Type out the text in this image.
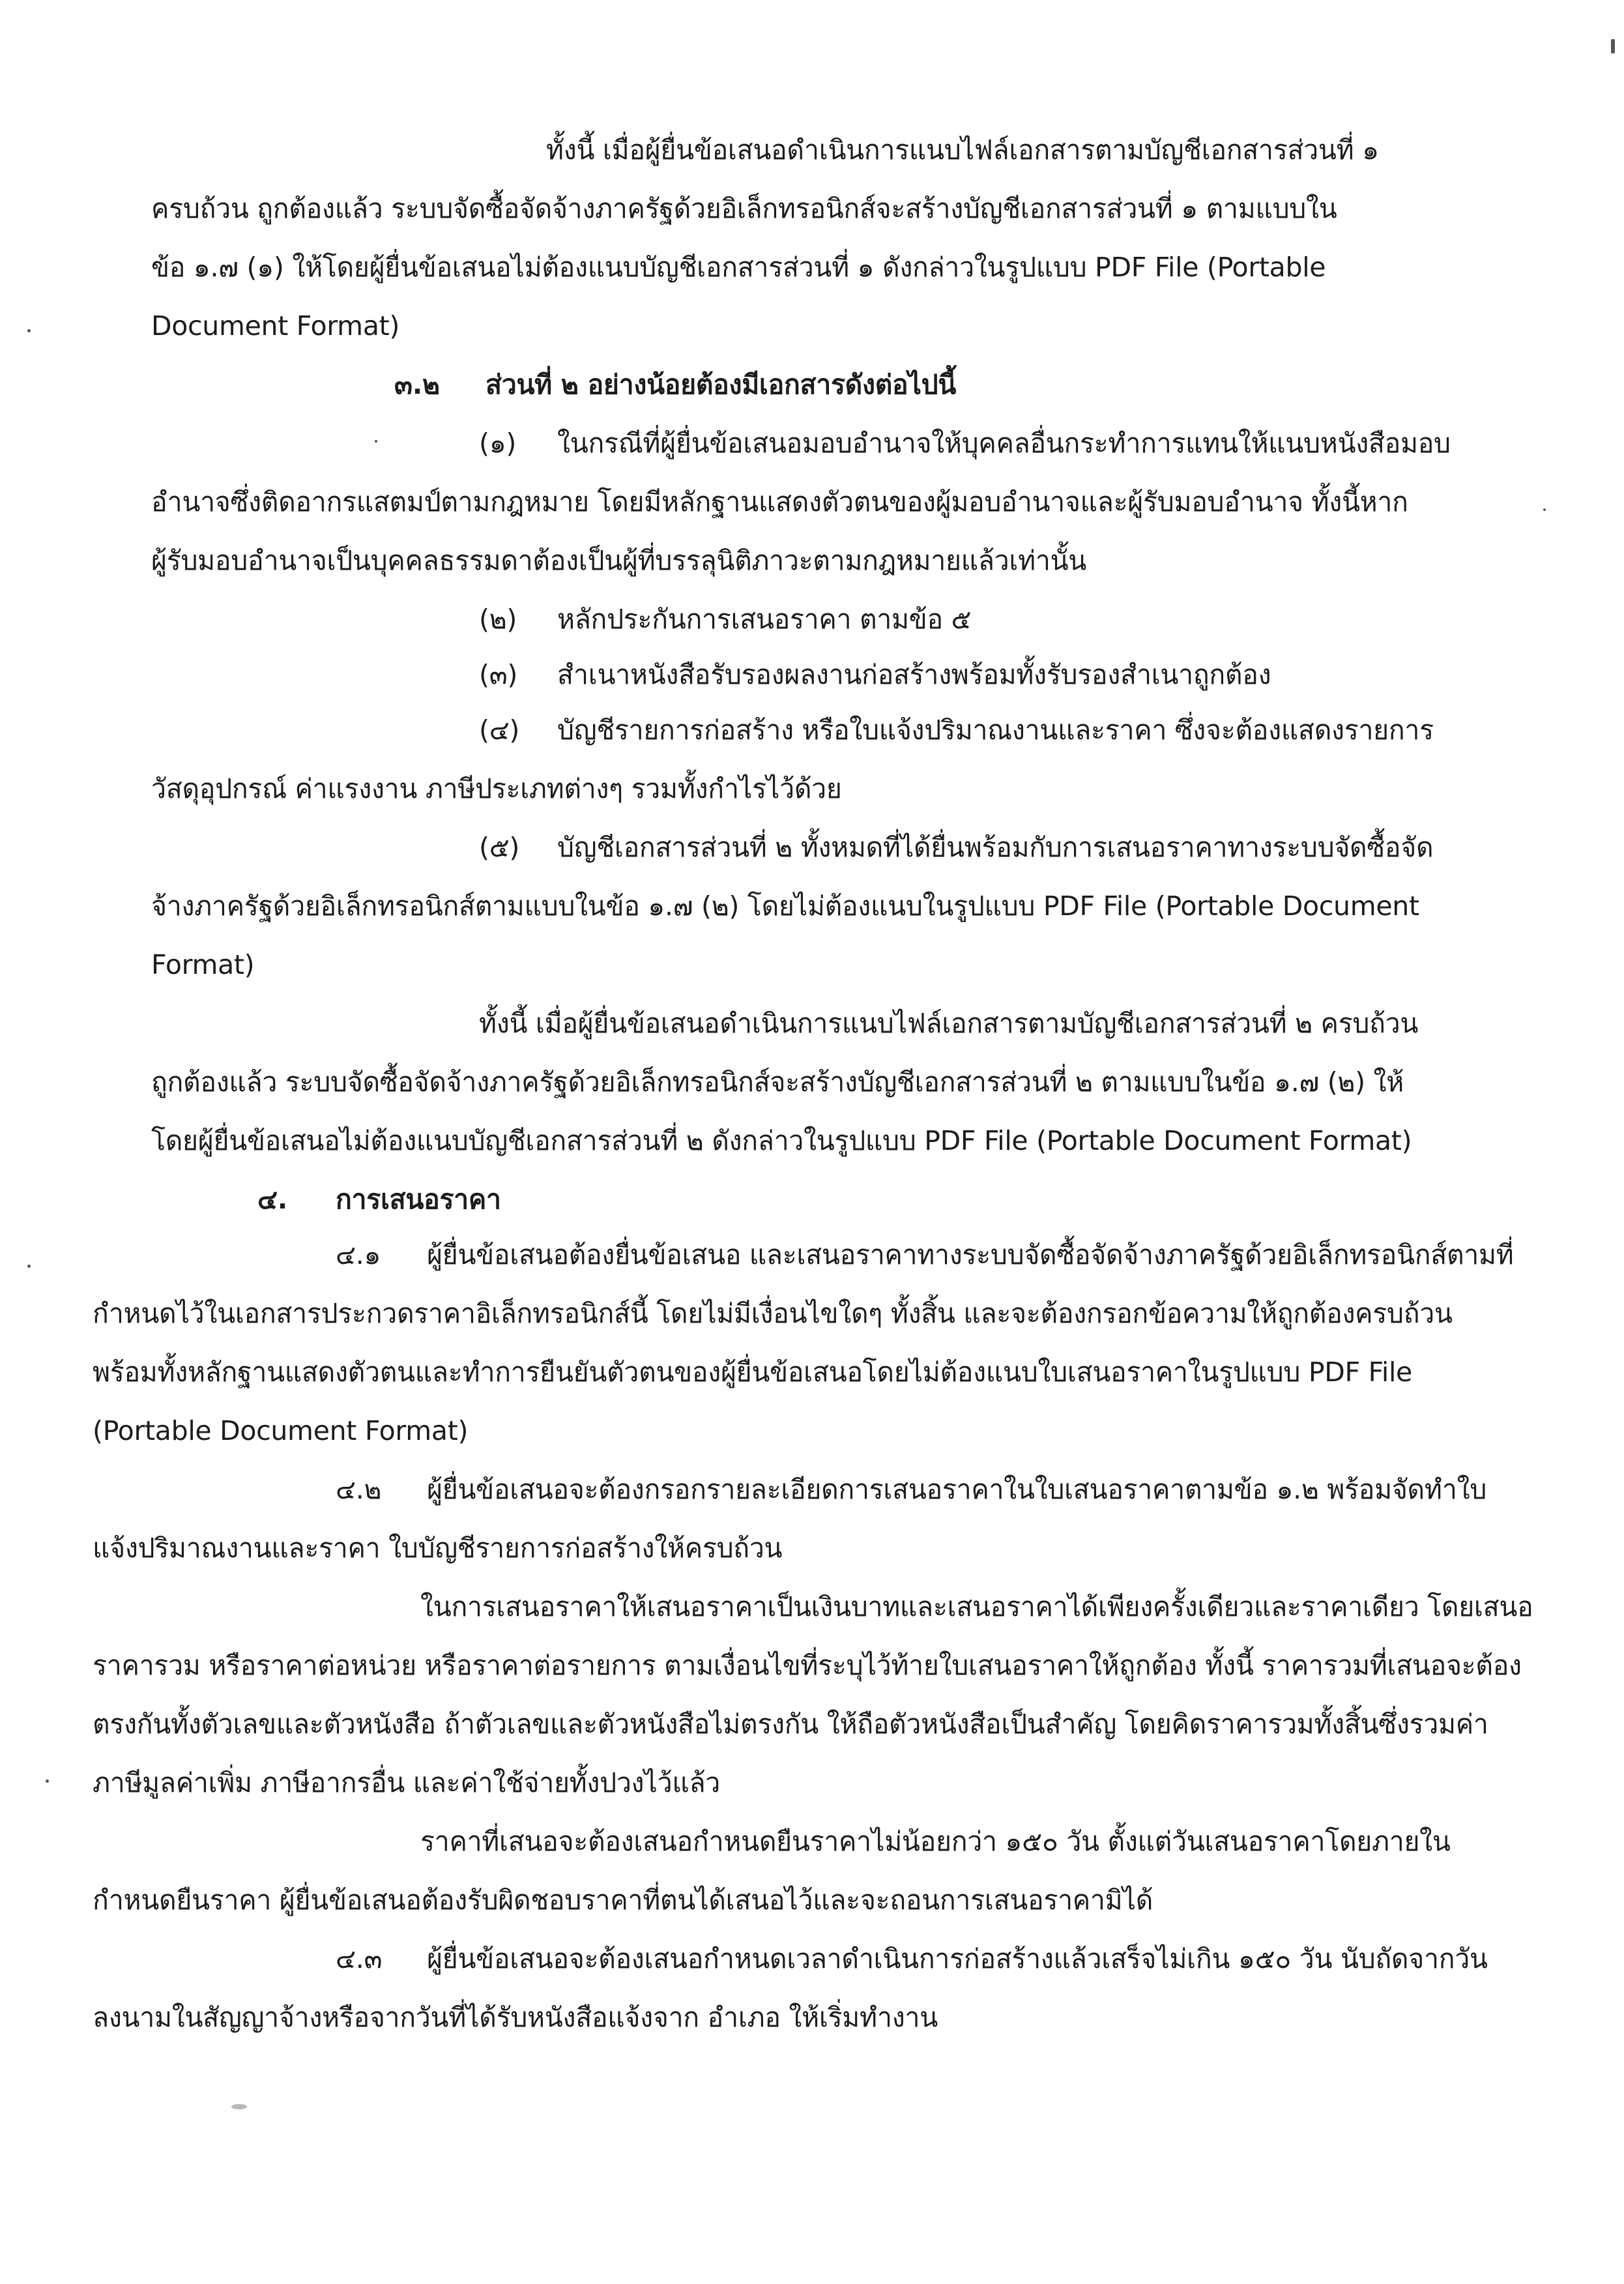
ทั้งนี้ เมื่อผู้ยื่นข้อเสนอดำเนินการแนบไฟล์เอกสารตามบัญชีเอกสารส่วนที่ ๑
ครบถ้วน ถูกต้องแล้ว ระบบจัดซื้อจัดจ้างภาครัฐด้วยอิเล็กทรอนิกส์จะสร้างบัญชีเอกสารส่วนที่ ๑ ตามแบบใน
ข้อ ๑.๗ (๑) ให้โดยผู้ยื่นข้อเสนอไม่ต้องแนบบัญชีเอกสารส่วนที่ ๑ ดังกล่าวในรูปแบบ PDF File (Portable
Document Format)
๓.๒ ส่วนที่ ๒ อย่างน้อยต้องมีเอกสารดังต่อไปนี้
(๑) ในกรณีที่ผู้ยื่นข้อเสนอมอบอำนาจให้บุคคลอื่นกระทำการแทนให้แนบหนังสือมอบ
อำนาจซึ่งติดอากรแสตมป์ตามกฎหมาย โดยมีหลักฐานแสดงตัวตนของผู้มอบอำนาจและผู้รับมอบอำนาจ ทั้งนี้หาก
ผู้รับมอบอำนาจเป็นบุคคลธรรมดาต้องเป็นผู้ที่บรรลุนิติภาวะตามกฎหมายแล้วเท่านั้น
(๒) หลักประกันการเสนอราคา ตามข้อ ๕
(๓) สำเนาหนังสือรับรองผลงานก่อสร้างพร้อมทั้งรับรองสำเนาถูกต้อง
(๔) บัญชีรายการก่อสร้าง หรือใบแจ้งปริมาณงานและราคา ซึ่งจะต้องแสดงรายการ
วัสดุอุปกรณ์ ค่าแรงงาน ภาษีประเภทต่างๆ รวมทั้งกำไรไว้ด้วย
(๕) บัญชีเอกสารส่วนที่ ๒ ทั้งหมดที่ได้ยื่นพร้อมกับการเสนอราคาทางระบบจัดซื้อจัด
จ้างภาครัฐด้วยอิเล็กทรอนิกส์ตามแบบในข้อ ๑.๗ (๒) โดยไม่ต้องแนบในรูปแบบ PDF File (Portable Document
Format)
ทั้งนี้ เมื่อผู้ยื่นข้อเสนอดำเนินการแนบไฟล์เอกสารตามบัญชีเอกสารส่วนที่ ๒ ครบถ้วน
ถูกต้องแล้ว ระบบจัดซื้อจัดจ้างภาครัฐด้วยอิเล็กทรอนิกส์จะสร้างบัญชีเอกสารส่วนที่ ๒ ตามแบบในข้อ ๑.๗ (๒) ให้
โดยผู้ยื่นข้อเสนอไม่ต้องแนบบัญชีเอกสารส่วนที่ ๒ ดังกล่าวในรูปแบบ PDF File (Portable Document Format)
๔. การเสนอราคา
๔.๑ ผู้ยื่นข้อเสนอต้องยื่นข้อเสนอ และเสนอราคาทางระบบจัดซื้อจัดจ้างภาครัฐด้วยอิเล็กทรอนิกส์ตามที่
กำหนดไว้ในเอกสารประกวดราคาอิเล็กทรอนิกส์นี้ โดยไม่มีเงื่อนไขใดๆ ทั้งสิ้น และจะต้องกรอกข้อความให้ถูกต้องครบถ้วน
พร้อมทั้งหลักฐานแสดงตัวตนและทำการยืนยันตัวตนของผู้ยื่นข้อเสนอโดยไม่ต้องแนบใบเสนอราคาในรูปแบบ PDF File
(Portable Document Format)
๔.๒ ผู้ยื่นข้อเสนอจะต้องกรอกรายละเอียดการเสนอราคาในใบเสนอราคาตามข้อ ๑.๒ พร้อมจัดทำใบ
แจ้งปริมาณงานและราคา ใบบัญชีรายการก่อสร้างให้ครบถ้วน
ในการเสนอราคาให้เสนอราคาเป็นเงินบาทและเสนอราคาได้เพียงครั้งเดียวและราคาเดียว โดยเสนอ
ราคารวม หรือราคาต่อหน่วย หรือราคาต่อรายการ ตามเงื่อนไขที่ระบุไว้ท้ายใบเสนอราคาให้ถูกต้อง ทั้งนี้ ราคารวมที่เสนอจะต้อง
ตรงกันทั้งตัวเลขและตัวหนังสือ ถ้าตัวเลขและตัวหนังสือไม่ตรงกัน ให้ถือตัวหนังสือเป็นสำคัญ โดยคิดราคารวมทั้งสิ้นซึ่งรวมค่า
ภาษีมูลค่าเพิ่ม ภาษีอากรอื่น และค่าใช้จ่ายทั้งปวงไว้แล้ว
ราคาที่เสนอจะต้องเสนอกำหนดยืนราคาไม่น้อยกว่า ๑๕๐ วัน ตั้งแต่วันเสนอราคาโดยภายใน
กำหนดยืนราคา ผู้ยื่นข้อเสนอต้องรับผิดชอบราคาที่ตนได้เสนอไว้และจะถอนการเสนอราคามิได้
๔.๓ ผู้ยื่นข้อเสนอจะต้องเสนอกำหนดเวลาดำเนินการก่อสร้างแล้วเสร็จไม่เกิน ๑๕๐ วัน นับถัดจากวัน
ลงนามในสัญญาจ้างหรือจากวันที่ได้รับหนังสือแจ้งจาก อำเภอ ให้เริ่มทำงาน
